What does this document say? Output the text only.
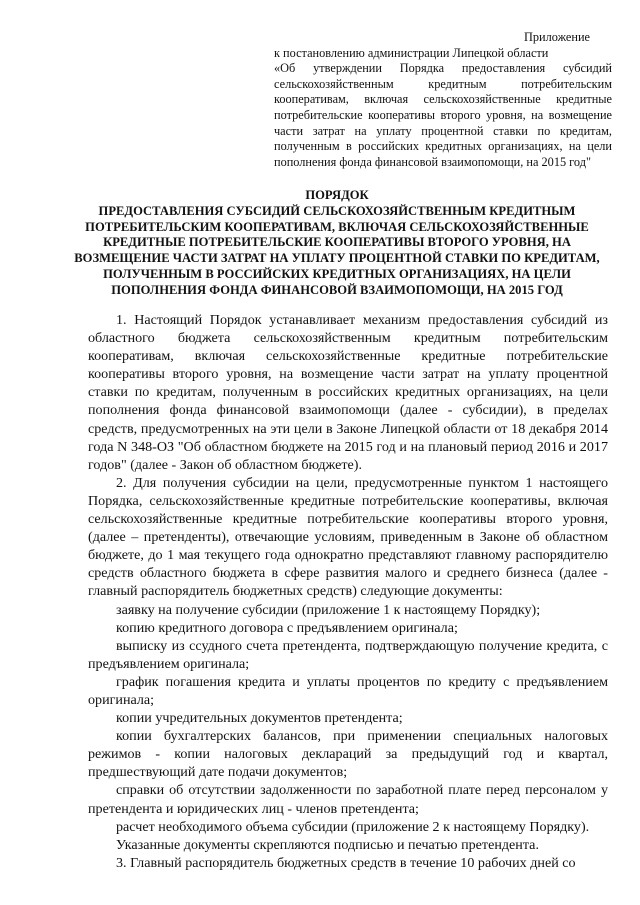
Приложение
к постановлению администрации Липецкой области
«Об утверждении Порядка предоставления субсидий сельскохозяйственным кредитным потребительским кооперативам, включая сельскохозяйственные кредитные потребительские кооперативы второго уровня, на возмещение части затрат на уплату процентной ставки по кредитам, полученным в российских кредитных организациях, на цели пополнения фонда финансовой взаимопомощи, на 2015 год"
ПОРЯДОК
ПРЕДОСТАВЛЕНИЯ СУБСИДИЙ СЕЛЬСКОХОЗЯЙСТВЕННЫМ КРЕДИТНЫМ ПОТРЕБИТЕЛЬСКИМ КООПЕРАТИВАМ, ВКЛЮЧАЯ СЕЛЬСКОХОЗЯЙСТВЕННЫЕ КРЕДИТНЫЕ ПОТРЕБИТЕЛЬСКИЕ КООПЕРАТИВЫ ВТОРОГО УРОВНЯ, НА ВОЗМЕЩЕНИЕ ЧАСТИ ЗАТРАТ НА УПЛАТУ ПРОЦЕНТНОЙ СТАВКИ ПО КРЕДИТАМ, ПОЛУЧЕННЫМ В РОССИЙСКИХ КРЕДИТНЫХ ОРГАНИЗАЦИЯХ, НА ЦЕЛИ ПОПОЛНЕНИЯ ФОНДА ФИНАНСОВОЙ ВЗАИМОПОМОЩИ, НА 2015 ГОД

1. Настоящий Порядок устанавливает механизм предоставления субсидий из областного бюджета сельскохозяйственным кредитным потребительским кооперативам, включая сельскохозяйственные кредитные потребительские кооперативы второго уровня, на возмещение части затрат на уплату процентной ставки по кредитам, полученным в российских кредитных организациях, на цели пополнения фонда финансовой взаимопомощи (далее - субсидии), в пределах средств, предусмотренных на эти цели в Законе Липецкой области от 18 декабря 2014 года N 348-ОЗ "Об областном бюджете на 2015 год и на плановый период 2016 и 2017 годов" (далее - Закон об областном бюджете).

2. Для получения субсидии на цели, предусмотренные пунктом 1 настоящего Порядка, сельскохозяйственные кредитные потребительские кооперативы, включая сельскохозяйственные кредитные потребительские кооперативы второго уровня, (далее – претенденты), отвечающие условиям, приведенным в Законе об областном бюджете, до 1 мая текущего года однократно представляют главному распорядителю средств областного бюджета в сфере развития малого и среднего бизнеса (далее - главный распорядитель бюджетных средств) следующие документы:

заявку на получение субсидии (приложение 1 к настоящему Порядку);

копию кредитного договора с предъявлением оригинала;

выписку из ссудного счета претендента, подтверждающую получение кредита, с предъявлением оригинала;

график погашения кредита и уплаты процентов по кредиту с предъявлением оригинала;

копии учредительных документов претендента;

копии бухгалтерских балансов, при применении специальных налоговых режимов - копии налоговых деклараций за предыдущий год и квартал, предшествующий дате подачи документов;

справки об отсутствии задолженности по заработной плате перед персоналом у претендента и юридических лиц - членов претендента;

расчет необходимого объема субсидии (приложение 2 к настоящему Порядку).

Указанные документы скрепляются подписью и печатью претендента.

3. Главный распорядитель бюджетных средств в течение 10 рабочих дней со
